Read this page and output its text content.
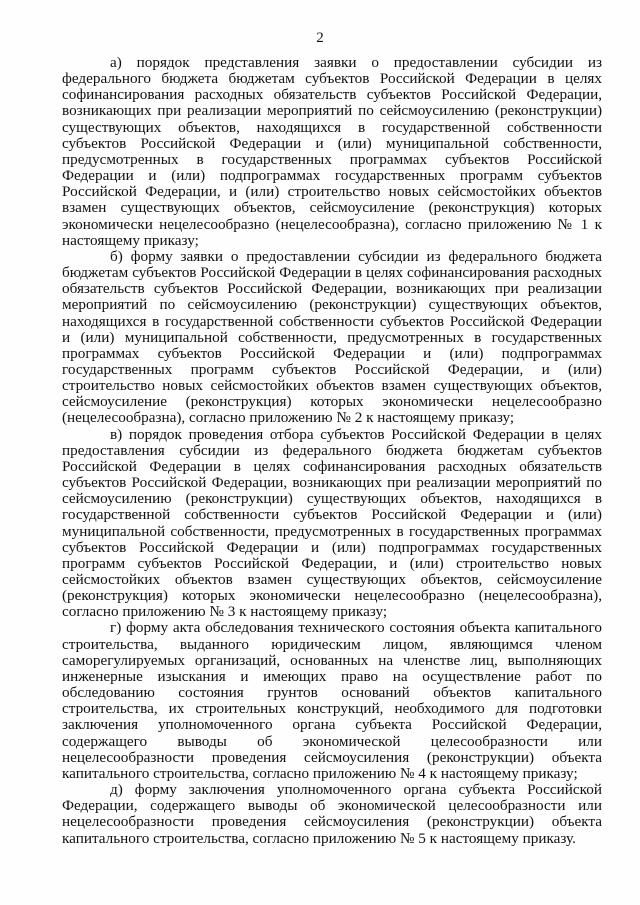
2

а) порядок представления заявки о предоставлении субсидии из федерального бюджета бюджетам субъектов Российской Федерации в целях софинансирования расходных обязательств субъектов Российской Федерации, возникающих при реализации мероприятий по сейсмоусилению (реконструкции) существующих объектов, находящихся в государственной собственности субъектов Российской Федерации и (или) муниципальной собственности, предусмотренных в государственных программах субъектов Российской Федерации и (или) подпрограммах государственных программ субъектов Российской Федерации, и (или) строительство новых сейсмостойких объектов взамен существующих объектов, сейсмоусиление (реконструкция) которых экономически нецелесообразно (нецелесообразна), согласно приложению № 1 к настоящему приказу;

б) форму заявки о предоставлении субсидии из федерального бюджета бюджетам субъектов Российской Федерации в целях софинансирования расходных обязательств субъектов Российской Федерации, возникающих при реализации мероприятий по сейсмоусилению (реконструкции) существующих объектов, находящихся в государственной собственности субъектов Российской Федерации и (или) муниципальной собственности, предусмотренных в государственных программах субъектов Российской Федерации и (или) подпрограммах государственных программ субъектов Российской Федерации, и (или) строительство новых сейсмостойких объектов взамен существующих объектов, сейсмоусиление (реконструкция) которых экономически нецелесообразно (нецелесообразна), согласно приложению № 2 к настоящему приказу;

в) порядок проведения отбора субъектов Российской Федерации в целях предоставления субсидии из федерального бюджета бюджетам субъектов Российской Федерации в целях софинансирования расходных обязательств субъектов Российской Федерации, возникающих при реализации мероприятий по сейсмоусилению (реконструкции) существующих объектов, находящихся в государственной собственности субъектов Российской Федерации и (или) муниципальной собственности, предусмотренных в государственных программах субъектов Российской Федерации и (или) подпрограммах государственных программ субъектов Российской Федерации, и (или) строительство новых сейсмостойких объектов взамен существующих объектов, сейсмоусиление (реконструкция) которых экономически нецелесообразно (нецелесообразна), согласно приложению № 3 к настоящему приказу;

г) форму акта обследования технического состояния объекта капитального строительства, выданного юридическим лицом, являющимся членом саморегулируемых организаций, основанных на членстве лиц, выполняющих инженерные изыскания и имеющих право на осуществление работ по обследованию состояния грунтов оснований объектов капитального строительства, их строительных конструкций, необходимого для подготовки заключения уполномоченного органа субъекта Российской Федерации, содержащего выводы об экономической целесообразности или нецелесообразности проведения сейсмоусиления (реконструкции) объекта капитального строительства, согласно приложению № 4 к настоящему приказу;

д) форму заключения уполномоченного органа субъекта Российской Федерации, содержащего выводы об экономической целесообразности или нецелесообразности проведения сейсмоусиления (реконструкции) объекта капитального строительства, согласно приложению № 5 к настоящему приказу.
